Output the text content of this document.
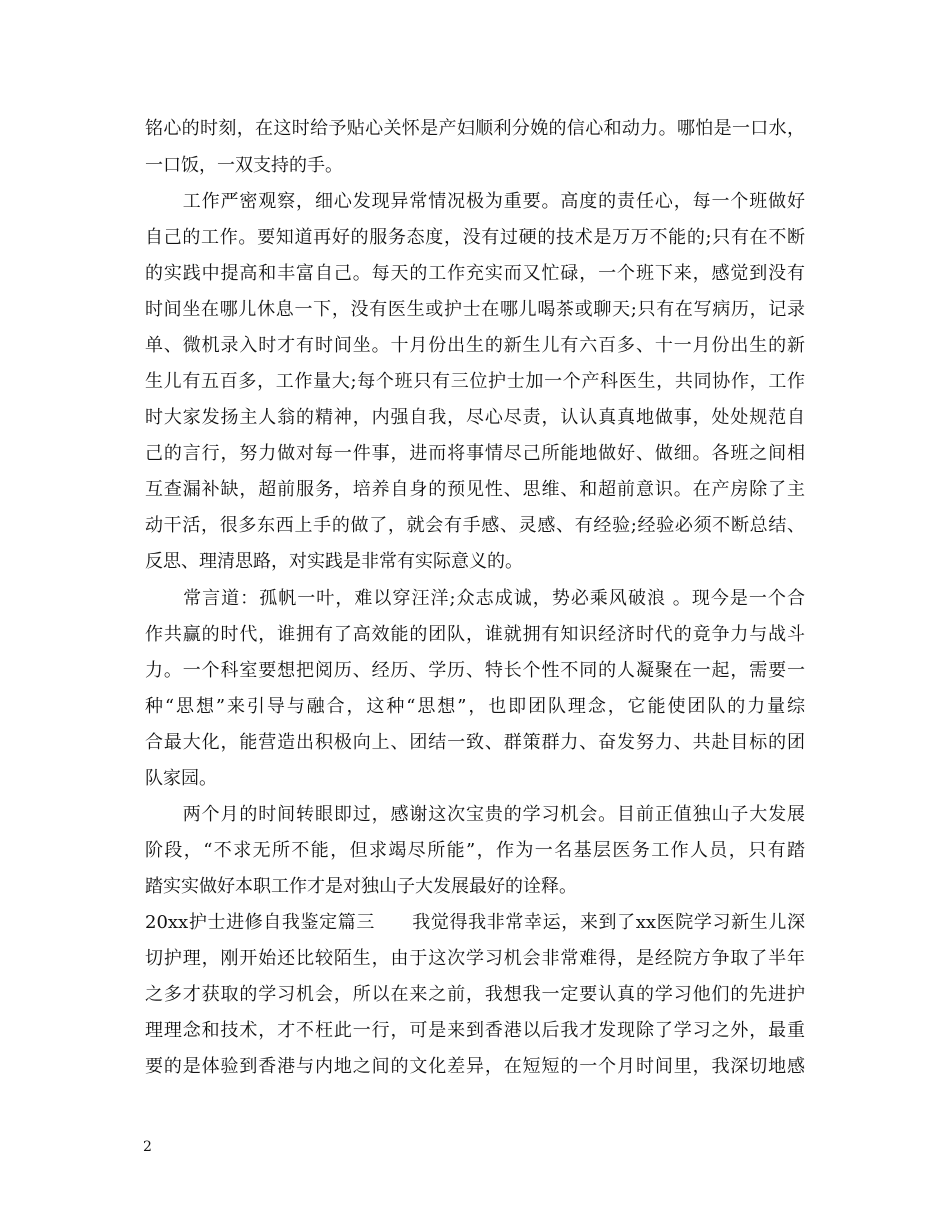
铭心的时刻，在这时给予贴心关怀是产妇顺利分娩的信心和动力。哪怕是一口水，
一口饭，一双支持的手。
　　工作严密观察，细心发现异常情况极为重要。高度的责任心，每一个班做好
自己的工作。要知道再好的服务态度，没有过硬的技术是万万不能的;只有在不断
的实践中提高和丰富自己。每天的工作充实而又忙碌，一个班下来，感觉到没有
时间坐在哪儿休息一下，没有医生或护士在哪儿喝茶或聊天;只有在写病历，记录
单、微机录入时才有时间坐。十月份出生的新生儿有六百多、十一月份出生的新
生儿有五百多，工作量大;每个班只有三位护士加一个产科医生，共同协作，工作
时大家发扬主人翁的精神，内强自我，尽心尽责，认认真真地做事，处处规范自
己的言行，努力做对每一件事，进而将事情尽己所能地做好、做细。各班之间相
互查漏补缺，超前服务，培养自身的预见性、思维、和超前意识。在产房除了主
动干活，很多东西上手的做了，就会有手感、灵感、有经验;经验必须不断总结、
反思、理清思路，对实践是非常有实际意义的。
　　常言道：孤帆一叶，难以穿汪洋;众志成诚，势必乘风破浪 。现今是一个合
作共赢的时代，谁拥有了高效能的团队，谁就拥有知识经济时代的竟争力与战斗
力。一个科室要想把阅历、经历、学历、特长个性不同的人凝聚在一起，需要一
种“思想”来引导与融合，这种“思想”，也即团队理念，它能使团队的力量综
合最大化，能营造出积极向上、团结一致、群策群力、奋发努力、共赴目标的团
队家园。
　　两个月的时间转眼即过，感谢这次宝贵的学习机会。目前正值独山子大发展
阶段，“不求无所不能，但求竭尽所能”，作为一名基层医务工作人员，只有踏
踏实实做好本职工作才是对独山子大发展最好的诠释。
20xx护士进修自我鉴定篇三　　我觉得我非常幸运，来到了xx医院学习新生儿深
切护理，刚开始还比较陌生，由于这次学习机会非常难得，是经院方争取了半年
之多才获取的学习机会，所以在来之前，我想我一定要认真的学习他们的先进护
理理念和技术，才不枉此一行，可是来到香港以后我才发现除了学习之外，最重
要的是体验到香港与内地之间的文化差异，在短短的一个月时间里，我深切地感
2
